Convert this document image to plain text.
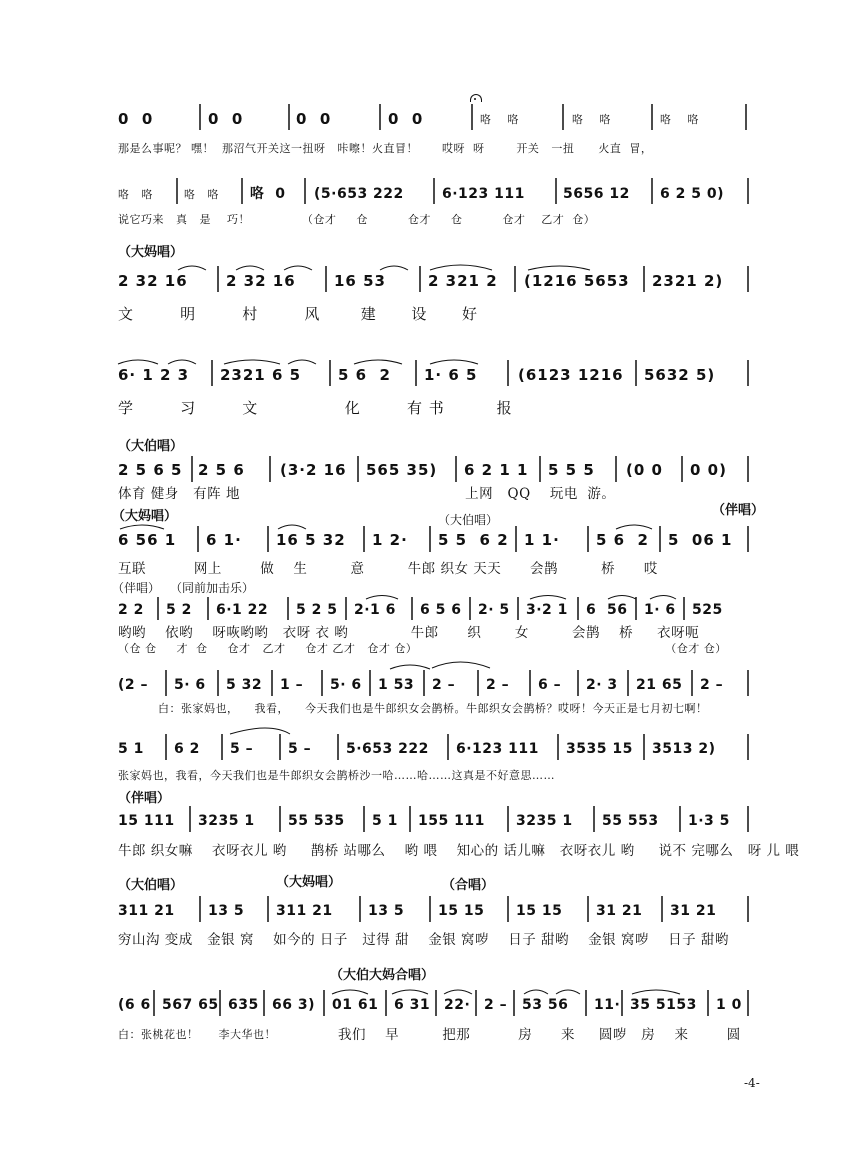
0  0	0  0	0  0	0  0	咯    咯	咯    咯	咯    咯
那是么事呢？ 嘿！  那沼气开关这一扭呀   咔嚓！火直冒！      哎呀  呀        开关   一扭      火直  冒，
咯   咯	咯   咯 咯  0 (5·653 222	6·123 111	5656 12 6 2 5 0)
说它巧来   真   是    巧！             （仓才     仓          仓才     仓          仓才    乙才  仓）
（大妈唱）
2 32 16	2 32 16	16 53	2 321 2 (1216 5653 2321 2)
文        明        村        风       建      设      好
6· 1 2 3 2321 6 5 5 6  2 1· 6 5	(6123 1216 5632 5)
学        习        文               化        有 书         报
（大伯唱）
2 5 6 5 2 5 6 (3·2 16 565 35) 6 2 1 1 5 5 5 (0 0 0 0)
体育 健身   有阵 地                                               上网   QQ    玩电  游。
（大妈唱）	（大伯唱）
（伴唱）
6 56 1 6 1· 16 5 32 1 2· 5 5  6 2 1 1· 5 6  2 5  06 1
互联          网上        做    生         意         牛郎 织女 天天      会鹊         桥      哎
（伴唱） （同前加击乐）
2 2 5 2 6·1 22 5 2 5 2·1 6 6 5 6 2· 5 3·2 1 6  56 1· 6 525
哟哟    依哟    呀咴哟哟   衣呀 衣 哟             牛郎      织       女         会鹊    桥     衣呀呃
（仓 仓     才  仓     仓才   乙才     仓才 乙才   仓才 仓）                                                              （仓才 仓）
(2 – 5· 6 5 32 1 – 5· 6 1 53 2 – 2 – 6 – 2· 3 21 65 2 –
白：张家妈也，    我看，    今天我们也是牛郎织女会鹊桥。牛郎织女会鹊桥？哎呀！今天正是七月初七啊！
5 1 6 2 5 – 5 – 5·653 222 6·123 111 3535 15 3513 2)
张家妈也，我看，今天我们也是牛郎织女会鹊桥沙一哈……哈……这真是不好意思……
（伴唱）
15 111 3235 1 55 535 5 1 155 111 3235 1 55 553 1·3 5
牛郎 织女嘛    衣呀衣儿 哟     鹊桥 站哪么    哟 喂    知心的 话儿嘛   衣呀衣儿 哟     说不 完哪么   呀 儿 喂
（大伯唱）	（大妈唱）	（合唱）
311 21 13 5 311 21	13 5 15 15 15 15 31 21 31 21
穷山沟 变成   金银 窝    如今的 日子   过得 甜    金银 窝哕    日子 甜哟    金银 窝哕    日子 甜哟
（大伯大妈合唱）
(6 6 567 65 635 66 3) 01 61 6 31 22· 2 – 53 56 11· 35 5153 1 0
白：张桃花也！     李大华也！	我们    早         把那          房      来     圆哕   房    来        圆
-4-
